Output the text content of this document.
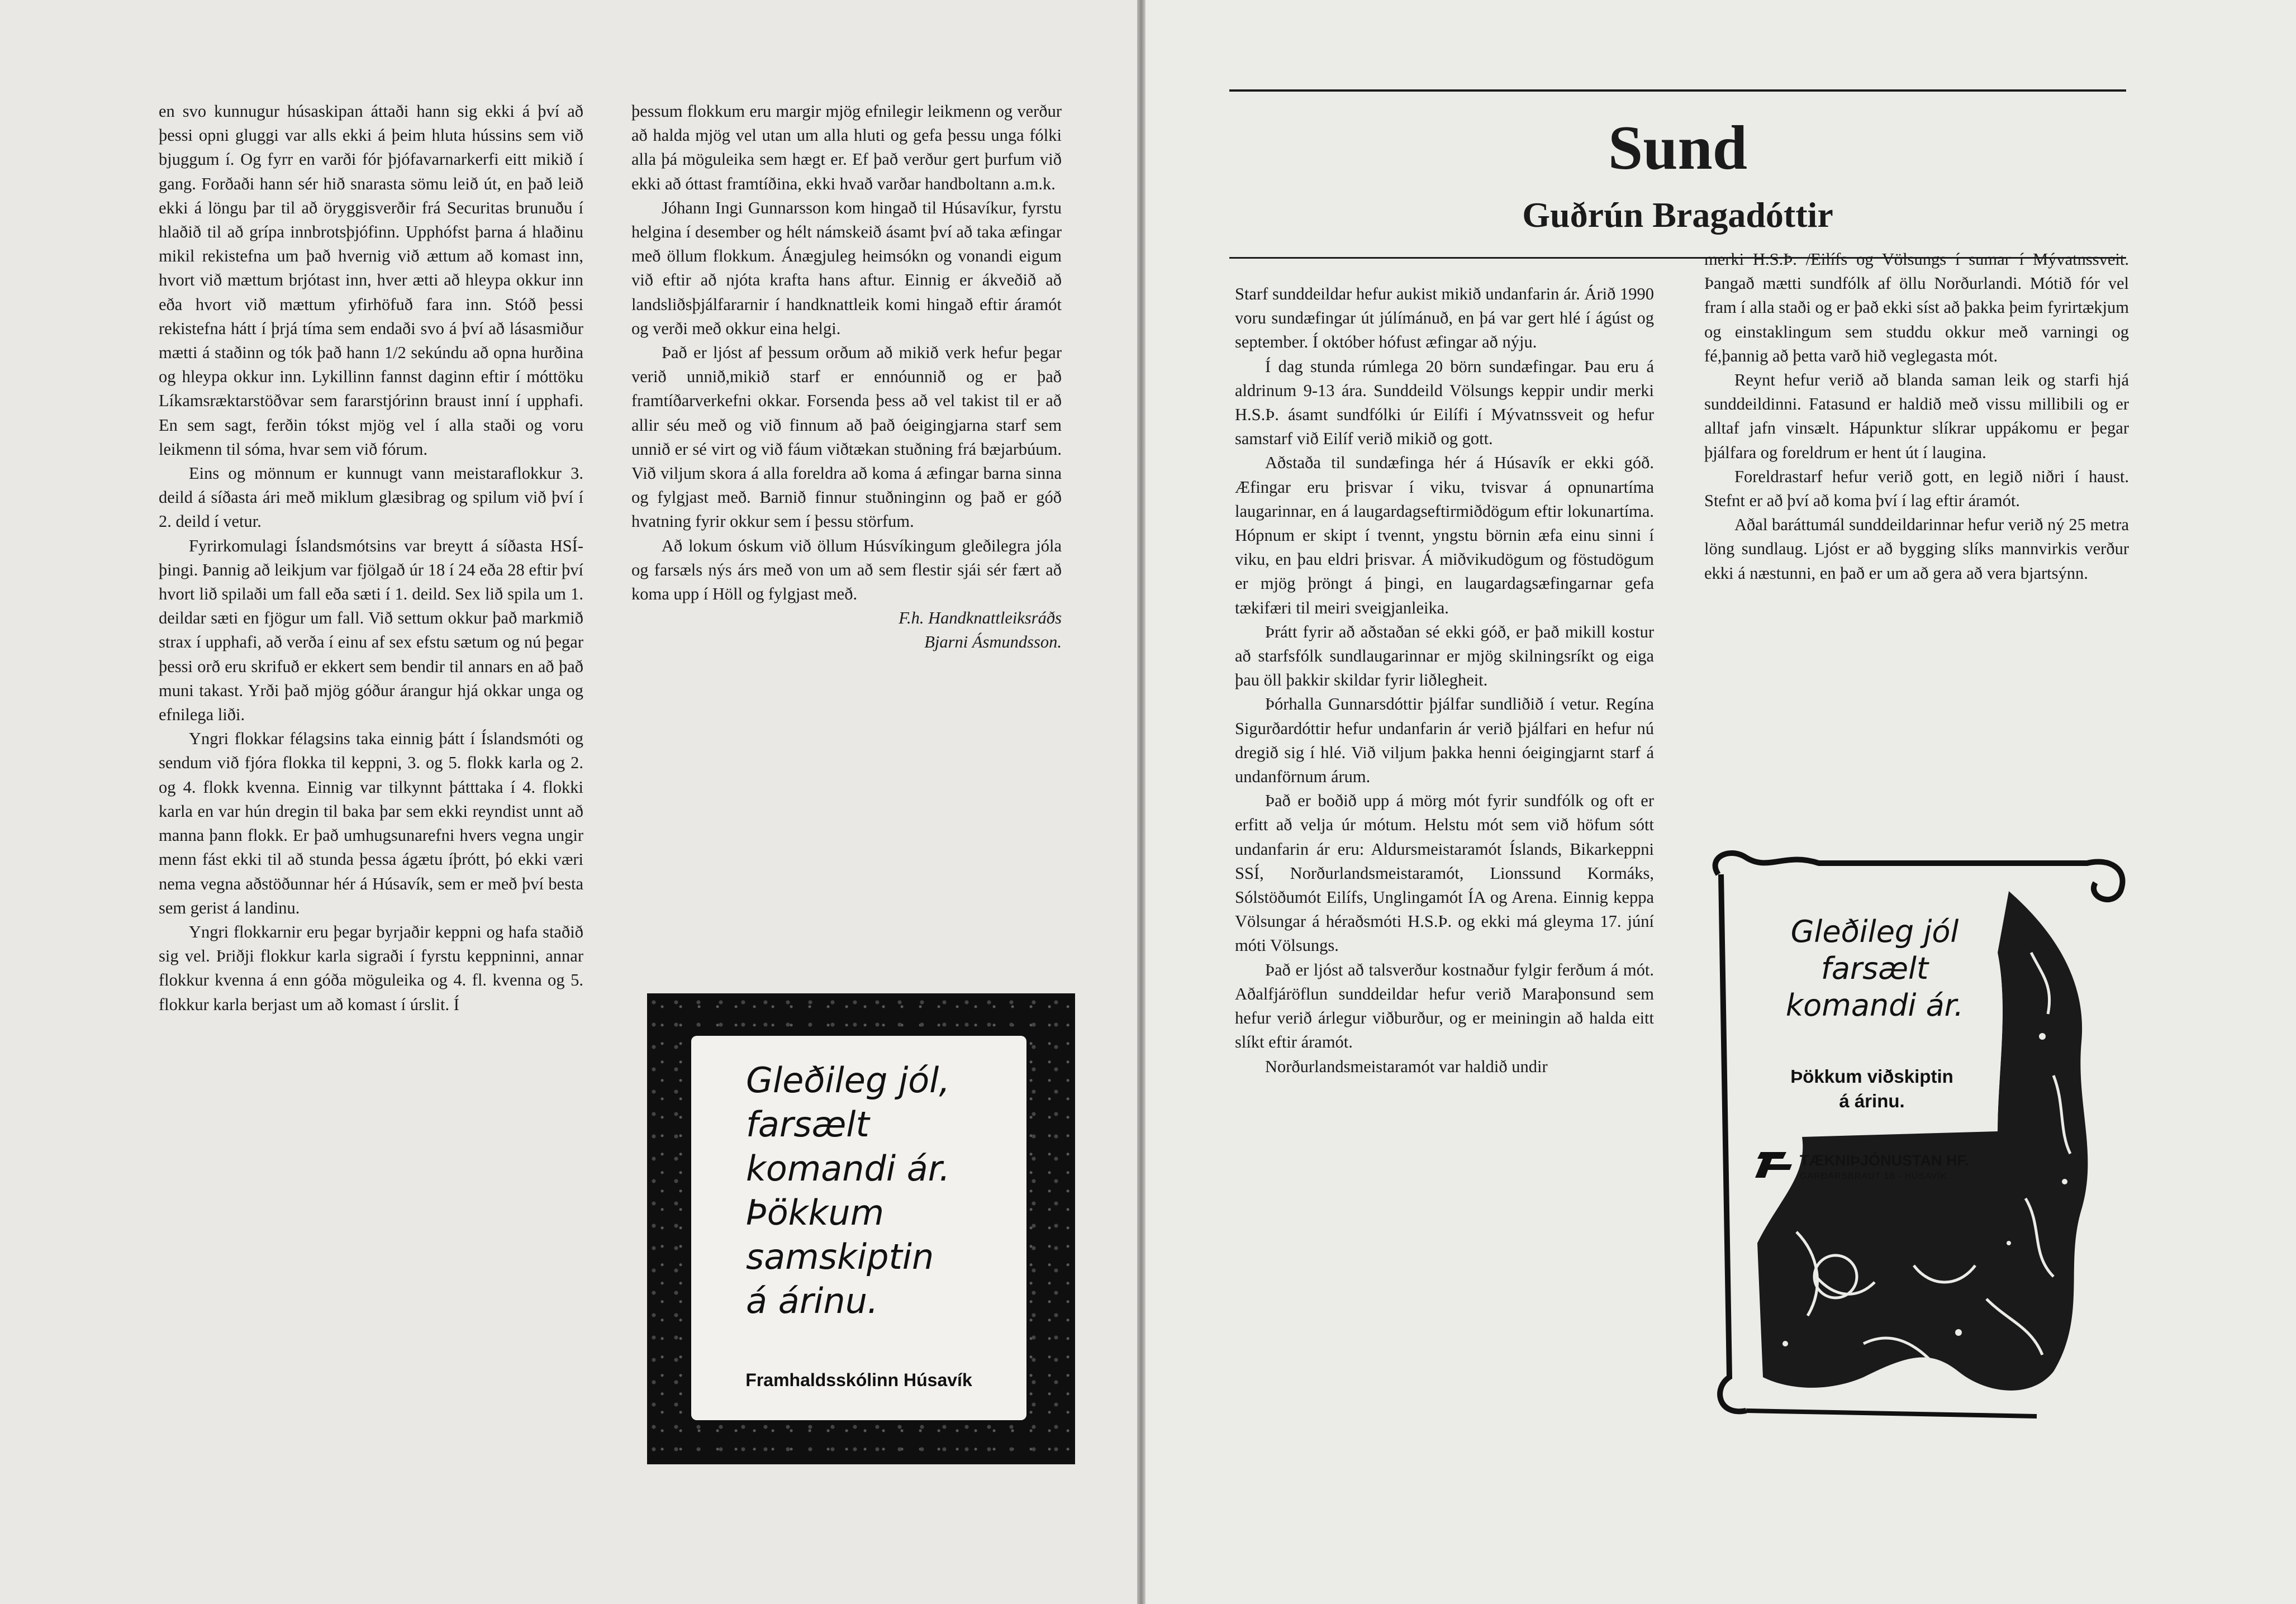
en svo kunnugur húsaskipan áttaði hann sig ekki á því að þessi opni gluggi var alls ekki á þeim hluta hússins sem við bjuggum í. Og fyrr en varði fór þjófavarnarkerfi eitt mikið í gang. Forðaði hann sér hið snarasta sömu leið út, en það leið ekki á löngu þar til að öryggisverðir frá Securitas brunuðu í hlaðið til að grípa innbrotsþjófinn. Upphófst þarna á hlaðinu mikil rekistefna um það hvernig við ættum að komast inn, hvort við mættum brjótast inn, hver ætti að hleypa okkur inn eða hvort við mættum yfirhöfuð fara inn. Stóð þessi rekistefna hátt í þrjá tíma sem endaði svo á því að lásasmiður mætti á staðinn og tók það hann 1/2 sekúndu að opna hurðina og hleypa okkur inn. Lykillinn fannst daginn eftir í móttöku Líkamsræktarstöðvar sem fararstjórinn braust inní í upphafi. En sem sagt, ferðin tókst mjög vel í alla staði og voru leikmenn til sóma, hvar sem við fórum.

Eins og mönnum er kunnugt vann meistaraflokkur 3. deild á síðasta ári með miklum glæsibrag og spilum við því í 2. deild í vetur.

Fyrirkomulagi Íslandsmótsins var breytt á síðasta HSÍ-þingi. Þannig að leikjum var fjölgað úr 18 í 24 eða 28 eftir því hvort lið spilaði um fall eða sæti í 1. deild. Sex lið spila um 1. deildar sæti en fjögur um fall. Við settum okkur það markmið strax í upphafi, að verða í einu af sex efstu sætum og nú þegar þessi orð eru skrifuð er ekkert sem bendir til annars en að það muni takast. Yrði það mjög góður árangur hjá okkar unga og efnilega liði.

Yngri flokkar félagsins taka einnig þátt í Íslandsmóti og sendum við fjóra flokka til keppni, 3. og 5. flokk karla og 2. og 4. flokk kvenna. Einnig var tilkynnt þátttaka í 4. flokki karla en var hún dregin til baka þar sem ekki reyndist unnt að manna þann flokk. Er það umhugsunarefni hvers vegna ungir menn fást ekki til að stunda þessa ágætu íþrótt, þó ekki væri nema vegna aðstöðunnar hér á Húsavík, sem er með því besta sem gerist á landinu.

Yngri flokkarnir eru þegar byrjaðir keppni og hafa staðið sig vel. Þriðji flokkur karla sigraði í fyrstu keppninni, annar flokkur kvenna á enn góða möguleika og 4. fl. kvenna og 5. flokkur karla berjast um að komast í úrslit. Í

þessum flokkum eru margir mjög efnilegir leikmenn og verður að halda mjög vel utan um alla hluti og gefa þessu unga fólki alla þá möguleika sem hægt er. Ef það verður gert þurfum við ekki að óttast framtíðina, ekki hvað varðar handboltann a.m.k.

Jóhann Ingi Gunnarsson kom hingað til Húsavíkur, fyrstu helgina í desember og hélt námskeið ásamt því að taka æfingar með öllum flokkum. Ánægjuleg heimsókn og vonandi eigum við eftir að njóta krafta hans aftur. Einnig er ákveðið að landsliðsþjálfararnir í handknattleik komi hingað eftir áramót og verði með okkur eina helgi.

Það er ljóst af þessum orðum að mikið verk hefur þegar verið unnið,mikið starf er ennóunnið og er það framtíðarverkefni okkar. Forsenda þess að vel takist til er að allir séu með og við finnum að það óeigingjarna starf sem unnið er sé virt og við fáum viðtækan stuðning frá bæjarbúum. Við viljum skora á alla foreldra að koma á æfingar barna sinna og fylgjast með. Barnið finnur stuðninginn og það er góð hvatning fyrir okkur sem í þessu störfum.

Að lokum óskum við öllum Húsvíkingum gleðilegra jóla og farsæls nýs árs með von um að sem flestir sjái sér fært að koma upp í Höll og fylgjast með.

F.h. Handknattleiksráðs

Bjarni Ásmundsson.

Gleðileg jól,
farsælt
komandi ár.
Þökkum
samskiptin
á árinu.
Framhaldsskólinn Húsavík
Sund
Guðrún Bragadóttir

Starf sunddeildar hefur aukist mikið undanfarin ár. Árið 1990 voru sundæfingar út júlímánuð, en þá var gert hlé í ágúst og september. Í október hófust æfingar að nýju.

Í dag stunda rúmlega 20 börn sundæfingar. Þau eru á aldrinum 9-13 ára. Sunddeild Völsungs keppir undir merki H.S.Þ. ásamt sundfólki úr Eilífi í Mývatnssveit og hefur samstarf við Eilíf verið mikið og gott.

Aðstaða til sundæfinga hér á Húsavík er ekki góð. Æfingar eru þrisvar í viku, tvisvar á opnunartíma laugarinnar, en á laugardagseftirmiðdögum eftir lokunartíma. Hópnum er skipt í tvennt, yngstu börnin æfa einu sinni í viku, en þau eldri þrisvar. Á miðvikudögum og föstudögum er mjög þröngt á þingi, en laugardagsæfingarnar gefa tækifæri til meiri sveigjanleika.

Þrátt fyrir að aðstaðan sé ekki góð, er það mikill kostur að starfsfólk sundlaugarinnar er mjög skilningsríkt og eiga þau öll þakkir skildar fyrir liðlegheit.

Þórhalla Gunnarsdóttir þjálfar sundliðið í vetur. Regína Sigurðardóttir hefur undanfarin ár verið þjálfari en hefur nú dregið sig í hlé. Við viljum þakka henni óeigingjarnt starf á undanförnum árum.

Það er boðið upp á mörg mót fyrir sundfólk og oft er erfitt að velja úr mótum. Helstu mót sem við höfum sótt undanfarin ár eru: Aldursmeistaramót Íslands, Bikarkeppni SSÍ, Norðurlandsmeistaramót, Lionssund Kormáks, Sólstöðumót Eilífs, Unglingamót ÍA og Arena. Einnig keppa Völsungar á héraðsmóti H.S.Þ. og ekki má gleyma 17. júní móti Völsungs.

Það er ljóst að talsverður kostnaður fylgir ferðum á mót. Aðalfjáröflun sunddeildar hefur verið Maraþonsund sem hefur verið árlegur viðburður, og er meiningin að halda eitt slíkt eftir áramót.

Norðurlandsmeistaramót var haldið undir

merki H.S.Þ. /Eilífs og Völsungs í sumar í Mývatnssveit. Þangað mætti sundfólk af öllu Norðurlandi. Mótið fór vel fram í alla staði og er það ekki síst að þakka þeim fyrirtækjum og einstaklingum sem studdu okkur með varningi og fé,þannig að þetta varð hið veglegasta mót.

Reynt hefur verið að blanda saman leik og starfi hjá sunddeildinni. Fatasund er haldið með vissu millibili og er alltaf jafn vinsælt. Hápunktur slíkrar uppákomu er þegar þjálfara og foreldrum er hent út í laugina.

Foreldrastarf hefur verið gott, en legið niðri í haust. Stefnt er að því að koma því í lag eftir áramót.

Aðal baráttumál sunddeildarinnar hefur verið ný 25 metra löng sundlaug. Ljóst er að bygging slíks mannvirkis verður ekki á næstunni, en það er um að gera að vera bjartsýnn.

Gleðileg jól
farsælt
komandi ár.
Þökkum viðskiptin
á árinu.
TÆKNIÞJÓNUSTAN HF.
GARÐARSBRAUT 18 - HÚSAVÍK
